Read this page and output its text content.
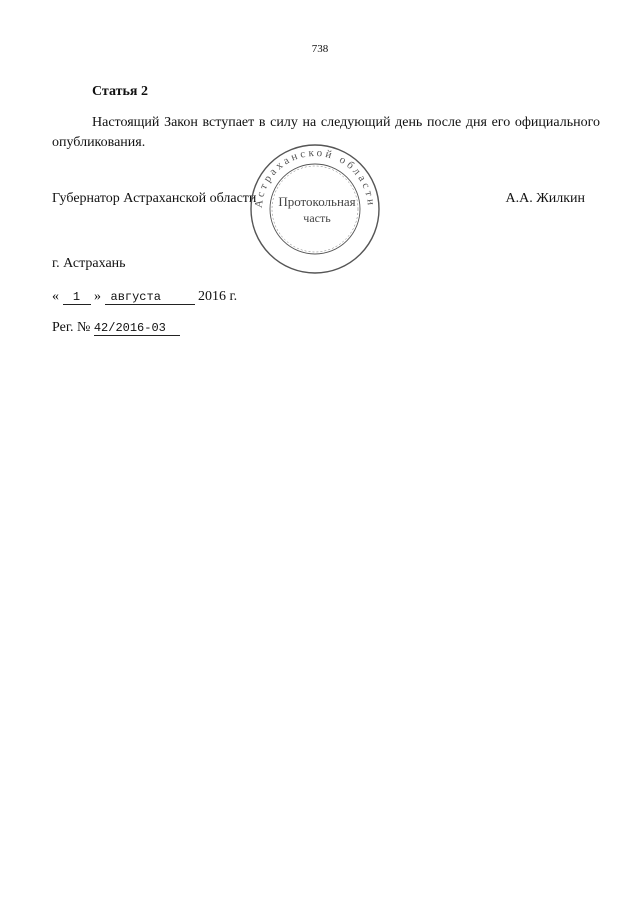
738
Статья 2
Настоящий Закон вступает в силу на следующий день после дня его официального опубликования.
Губернатор Астраханской области	А.А. Жилкин
Астраханской области
Протокольная
часть
г. Астрахань
« 1 » августа	2016 г.
Рег. № 42/2016-03
